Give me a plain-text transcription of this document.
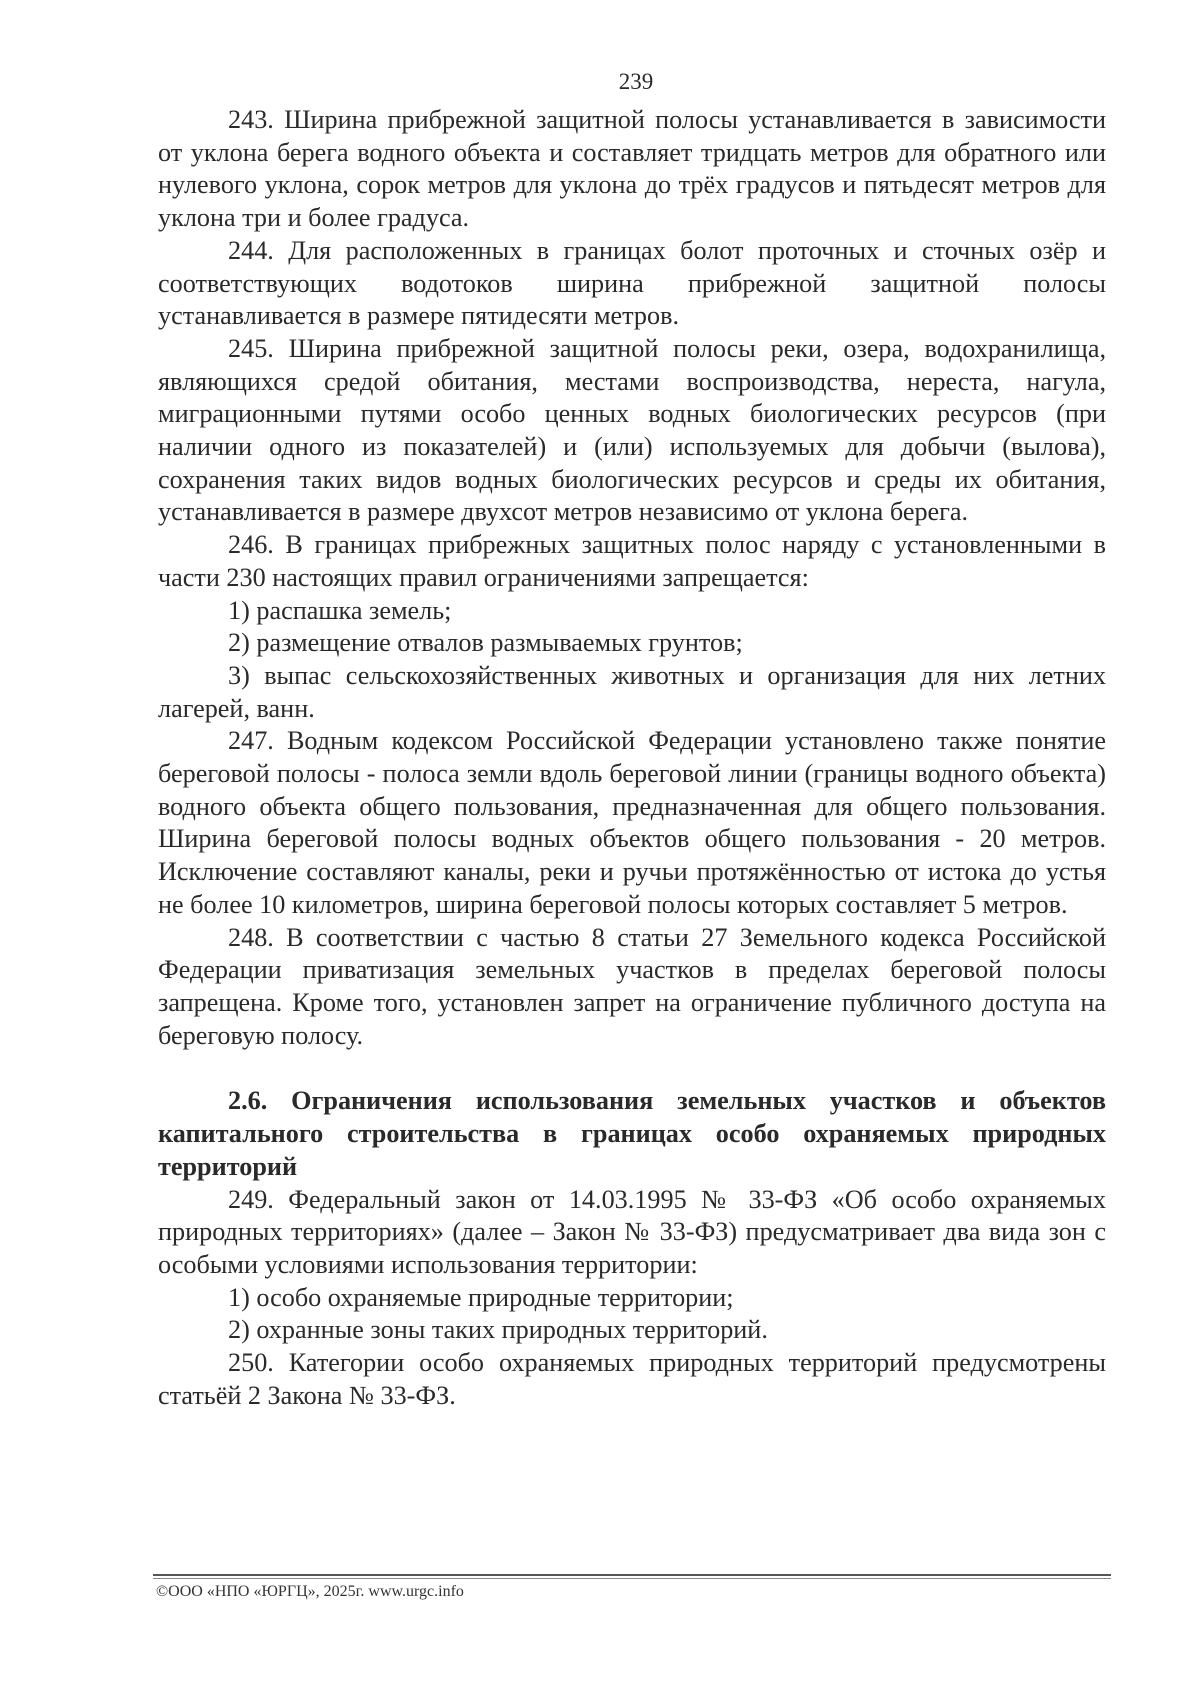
239

243. Ширина прибрежной защитной полосы устанавливается в зависимости от уклона берега водного объекта и составляет тридцать метров для обратного или нулевого уклона, сорок метров для уклона до трёх градусов и пятьдесят метров для уклона три и более градуса.

244. Для расположенных в границах болот проточных и сточных озёр и соответствующих водотоков ширина прибрежной защитной полосы устанавливается в размере пятидесяти метров.

245. Ширина прибрежной защитной полосы реки, озера, водохранилища, являющихся средой обитания, местами воспроизводства, нереста, нагула, миграционными путями особо ценных водных биологических ресурсов (при наличии одного из показателей) и (или) используемых для добычи (вылова), сохранения таких видов водных биологических ресурсов и среды их обитания, устанавливается в размере двухсот метров независимо от уклона берега.

246. В границах прибрежных защитных полос наряду с установленными в части 230 настоящих правил ограничениями запрещается:

1) распашка земель;

2) размещение отвалов размываемых грунтов;

3) выпас сельскохозяйственных животных и организация для них летних лагерей, ванн.

247. Водным кодексом Российской Федерации установлено также понятие береговой полосы - полоса земли вдоль береговой линии (границы водного объекта) водного объекта общего пользования, предназначенная для общего пользования. Ширина береговой полосы водных объектов общего пользования - 20 метров. Исключение составляют каналы, реки и ручьи протяжённостью от истока до устья не более 10 километров, ширина береговой полосы которых составляет 5 метров.

248. В соответствии с частью 8 статьи 27 Земельного кодекса Российской Федерации приватизация земельных участков в пределах береговой полосы запрещена. Кроме того, установлен запрет на ограничение публичного доступа на береговую полосу.

2.6. Ограничения использования земельных участков и объектов капитального строительства в границах особо охраняемых природных территорий

249. Федеральный закон от 14.03.1995 № 33-ФЗ «Об особо охраняемых природных территориях» (далее – Закон № 33-ФЗ) предусматривает два вида зон с особыми условиями использования территории:

1) особо охраняемые природные территории;

2) охранные зоны таких природных территорий.

250. Категории особо охраняемых природных территорий предусмотрены статьёй 2 Закона № 33-ФЗ.

©ООО «НПО «ЮРГЦ», 2025г. www.urgc.info
